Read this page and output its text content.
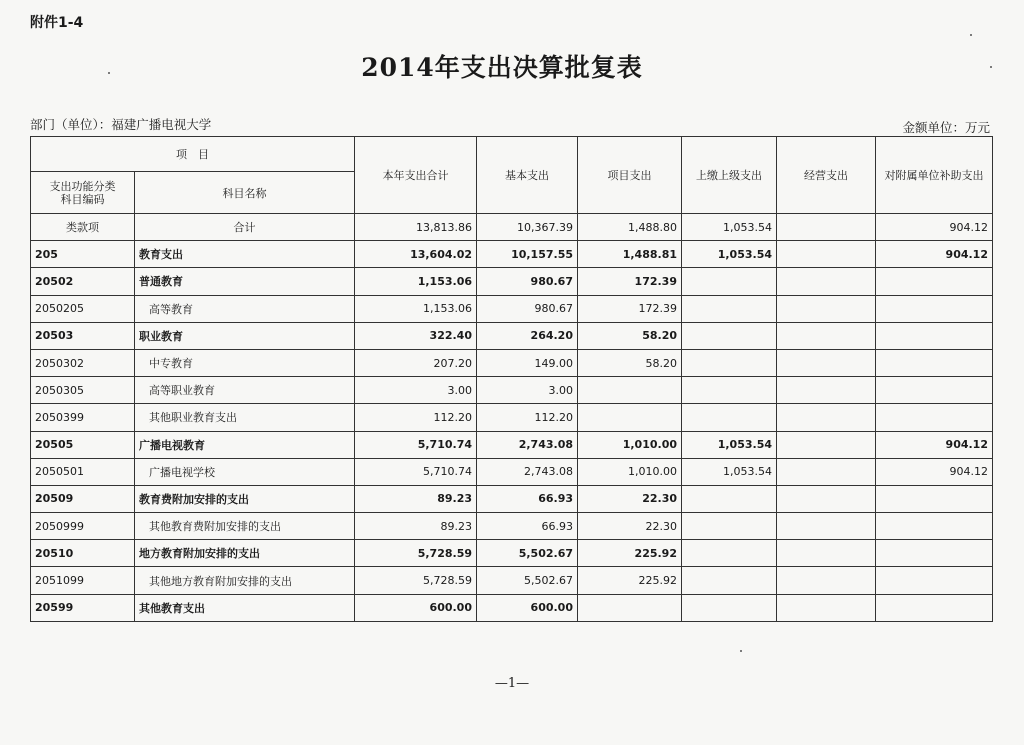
附件1-4
2014年支出决算批复表
部门（单位）：福建广播电视大学	金额单位：万元
项　目		本年支出合计	基本支出	项目支出	上缴上级支出	经营支出	对附属单位补助支出
支出功能分类
科目编码	科目名称						
类款项	合计	13,813.86	10,367.39	1,488.80	1,053.54		904.12
205	教育支出	13,604.02	10,157.55	1,488.81	1,053.54		904.12
20502	普通教育	1,153.06	980.67	172.39			
2050205	高等教育	1,153.06	980.67	172.39			
20503	职业教育	322.40	264.20	58.20			
2050302	中专教育	207.20	149.00	58.20			
2050305	高等职业教育	3.00	3.00				
2050399	其他职业教育支出	112.20	112.20				
20505	广播电视教育	5,710.74	2,743.08	1,010.00	1,053.54		904.12
2050501	广播电视学校	5,710.74	2,743.08	1,010.00	1,053.54		904.12
20509	教育费附加安排的支出	89.23	66.93	22.30			
2050999	其他教育费附加安排的支出	89.23	66.93	22.30			
20510	地方教育附加安排的支出	5,728.59	5,502.67	225.92			
2051099	其他地方教育附加安排的支出	5,728.59	5,502.67	225.92			
20599	其他教育支出	600.00	600.00				
—1—
